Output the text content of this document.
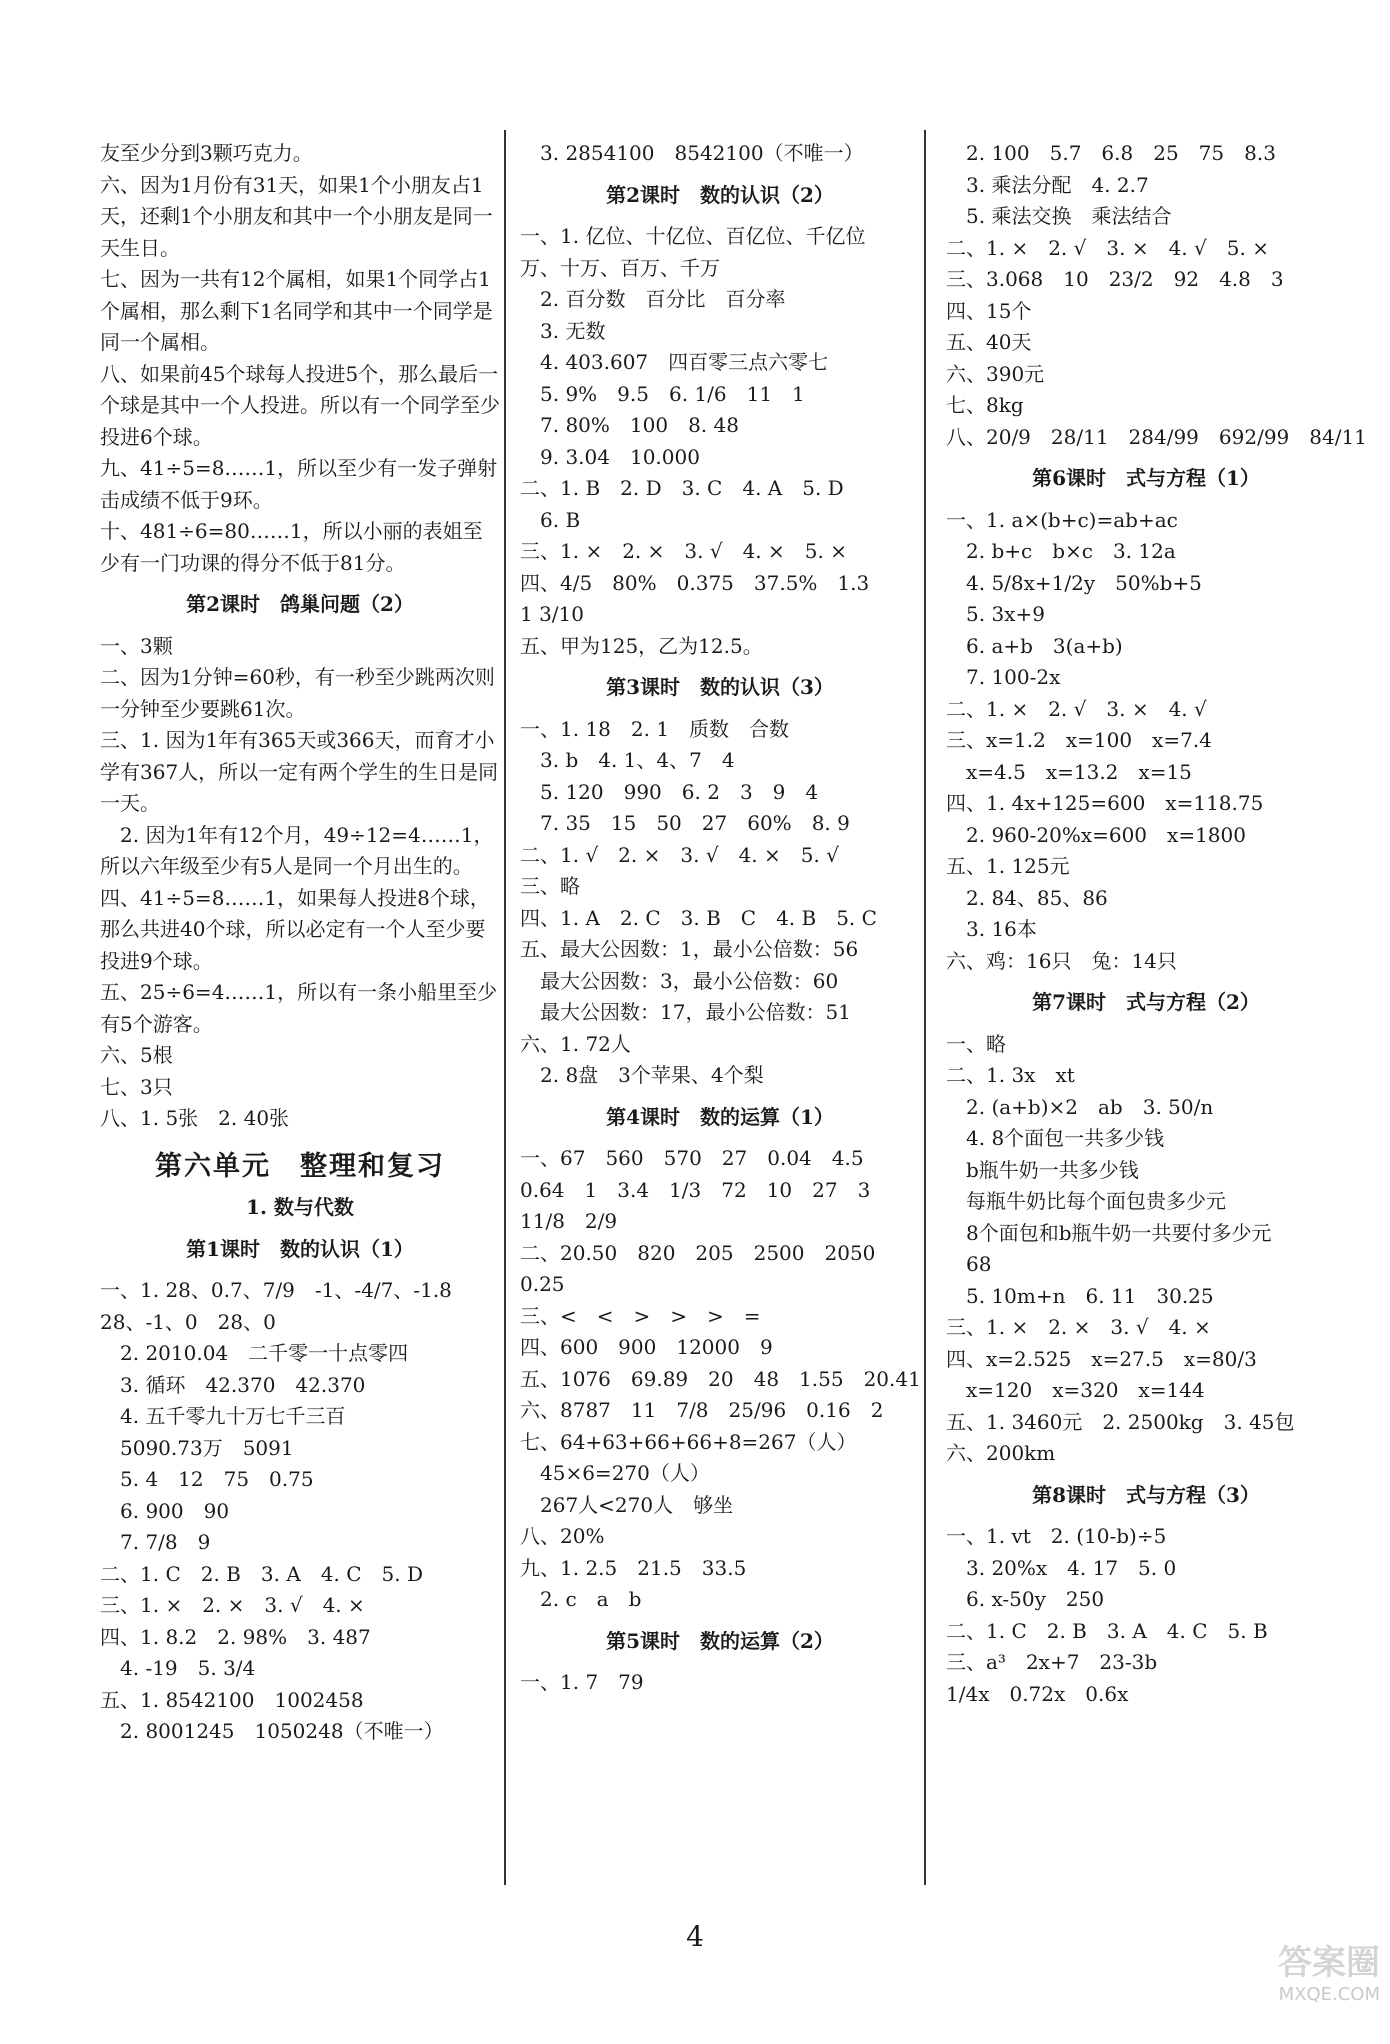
友至少分到3颗巧克力。
六、因为1月份有31天，如果1个小朋友占1天，还剩1个小朋友和其中一个小朋友是同一天生日。
七、因为一共有12个属相，如果1个同学占1个属相，那么剩下1名同学和其中一个同学是同一个属相。
八、如果前45个球每人投进5个，那么最后一个球是其中一个人投进。所以有一个同学至少投进6个球。
九、41÷5=8……1，所以至少有一发子弹射击成绩不低于9环。
十、481÷6=80……1，所以小丽的表姐至少有一门功课的得分不低于81分。
第2课时　鸽巢问题（2）
一、3颗
二、因为1分钟=60秒，有一秒至少跳两次则一分钟至少要跳61次。
三、1. 因为1年有365天或366天，而育才小学有367人，所以一定有两个学生的生日是同一天。
　2. 因为1年有12个月，49÷12=4……1，所以六年级至少有5人是同一个月出生的。
四、41÷5=8……1，如果每人投进8个球，那么共进40个球，所以必定有一个人至少要投进9个球。
五、25÷6=4……1，所以有一条小船里至少有5个游客。
六、5根
七、3只
八、1. 5张　2. 40张
第六单元　整理和复习
1. 数与代数
第1课时　数的认识（1）
一、1. 28、0.7、7/9　-1、-4/7、-1.8
28、-1、0　28、0
　2. 2010.04　二千零一十点零四
　3. 循环　42.370　42.370
　4. 五千零九十万七千三百
　5090.73万　5091
　5. 4　12　75　0.75
　6. 900　90
　7. 7/8　9
二、1. C　2. B　3. A　4. C　5. D
三、1. ×　2. ×　3. √　4. ×
四、1. 8.2　2. 98%　3. 487
　4. -19　5. 3/4
五、1. 8542100　1002458
　2. 8001245　1050248（不唯一）
　3. 2854100　8542100（不唯一）
第2课时　数的认识（2）
一、1. 亿位、十亿位、百亿位、千亿位
万、十万、百万、千万
　2. 百分数　百分比　百分率
　3. 无数
　4. 403.607　四百零三点六零七
　5. 9%　9.5　6. 1/6　11　1
　7. 80%　100　8. 48
　9. 3.04　10.000
二、1. B　2. D　3. C　4. A　5. D
　6. B
三、1. ×　2. ×　3. √　4. ×　5. ×
四、4/5　80%　0.375　37.5%　1.3
1 3/10
五、甲为125，乙为12.5。
第3课时　数的认识（3）
一、1. 18　2. 1　质数　合数
　3. b　4. 1、4、7　4
　5. 120　990　6. 2　3　9　4
　7. 35　15　50　27　60%　8. 9
二、1. √　2. ×　3. √　4. ×　5. √
三、略
四、1. A　2. C　3. B　C　4. B　5. C
五、最大公因数：1，最小公倍数：56
　最大公因数：3，最小公倍数：60
　最大公因数：17，最小公倍数：51
六、1. 72人
　2. 8盘　3个苹果、4个梨
第4课时　数的运算（1）
一、67　560　570　27　0.04　4.5
0.64　1　3.4　1/3　72　10　27　3
11/8　2/9
二、20.50　820　205　2500　2050
0.25
三、<　<　>　>　>　=
四、600　900　12000　9
五、1076　69.89　20　48　1.55　20.41
六、8787　11　7/8　25/96　0.16　2
七、64+63+66+66+8=267（人）
　45×6=270（人）
　267人<270人　够坐
八、20%
九、1. 2.5　21.5　33.5
　2. c　a　b
第5课时　数的运算（2）
一、1. 7　79
　2. 100　5.7　6.8　25　75　8.3
　3. 乘法分配　4. 2.7
　5. 乘法交换　乘法结合
二、1. ×　2. √　3. ×　4. √　5. ×
三、3.068　10　23/2　92　4.8　3
四、15个
五、40天
六、390元
七、8kg
八、20/9　28/11　284/99　692/99　84/11
第6课时　式与方程（1）
一、1. a×(b+c)=ab+ac
　2. b+c　b×c　3. 12a
　4. 5/8x+1/2y　50%b+5
　5. 3x+9
　6. a+b　3(a+b)
　7. 100-2x
二、1. ×　2. √　3. ×　4. √
三、x=1.2　x=100　x=7.4
　x=4.5　x=13.2　x=15
四、1. 4x+125=600　x=118.75
　2. 960-20%x=600　x=1800
五、1. 125元
　2. 84、85、86
　3. 16本
六、鸡：16只　兔：14只
第7课时　式与方程（2）
一、略
二、1. 3x　xt
　2. (a+b)×2　ab　3. 50/n
　4. 8个面包一共多少钱
　b瓶牛奶一共多少钱
　每瓶牛奶比每个面包贵多少元
　8个面包和b瓶牛奶一共要付多少元
　68
　5. 10m+n　6. 11　30.25
三、1. ×　2. ×　3. √　4. ×
四、x=2.525　x=27.5　x=80/3
　x=120　x=320　x=144
五、1. 3460元　2. 2500kg　3. 45包
六、200km
第8课时　式与方程（3）
一、1. vt　2. (10-b)÷5
　3. 20%x　4. 17　5. 0
　6. x-50y　250
二、1. C　2. B　3. A　4. C　5. B
三、a³　2x+7　23-3b
1/4x　0.72x　0.6x
4
答案圈
MXQE.COM
